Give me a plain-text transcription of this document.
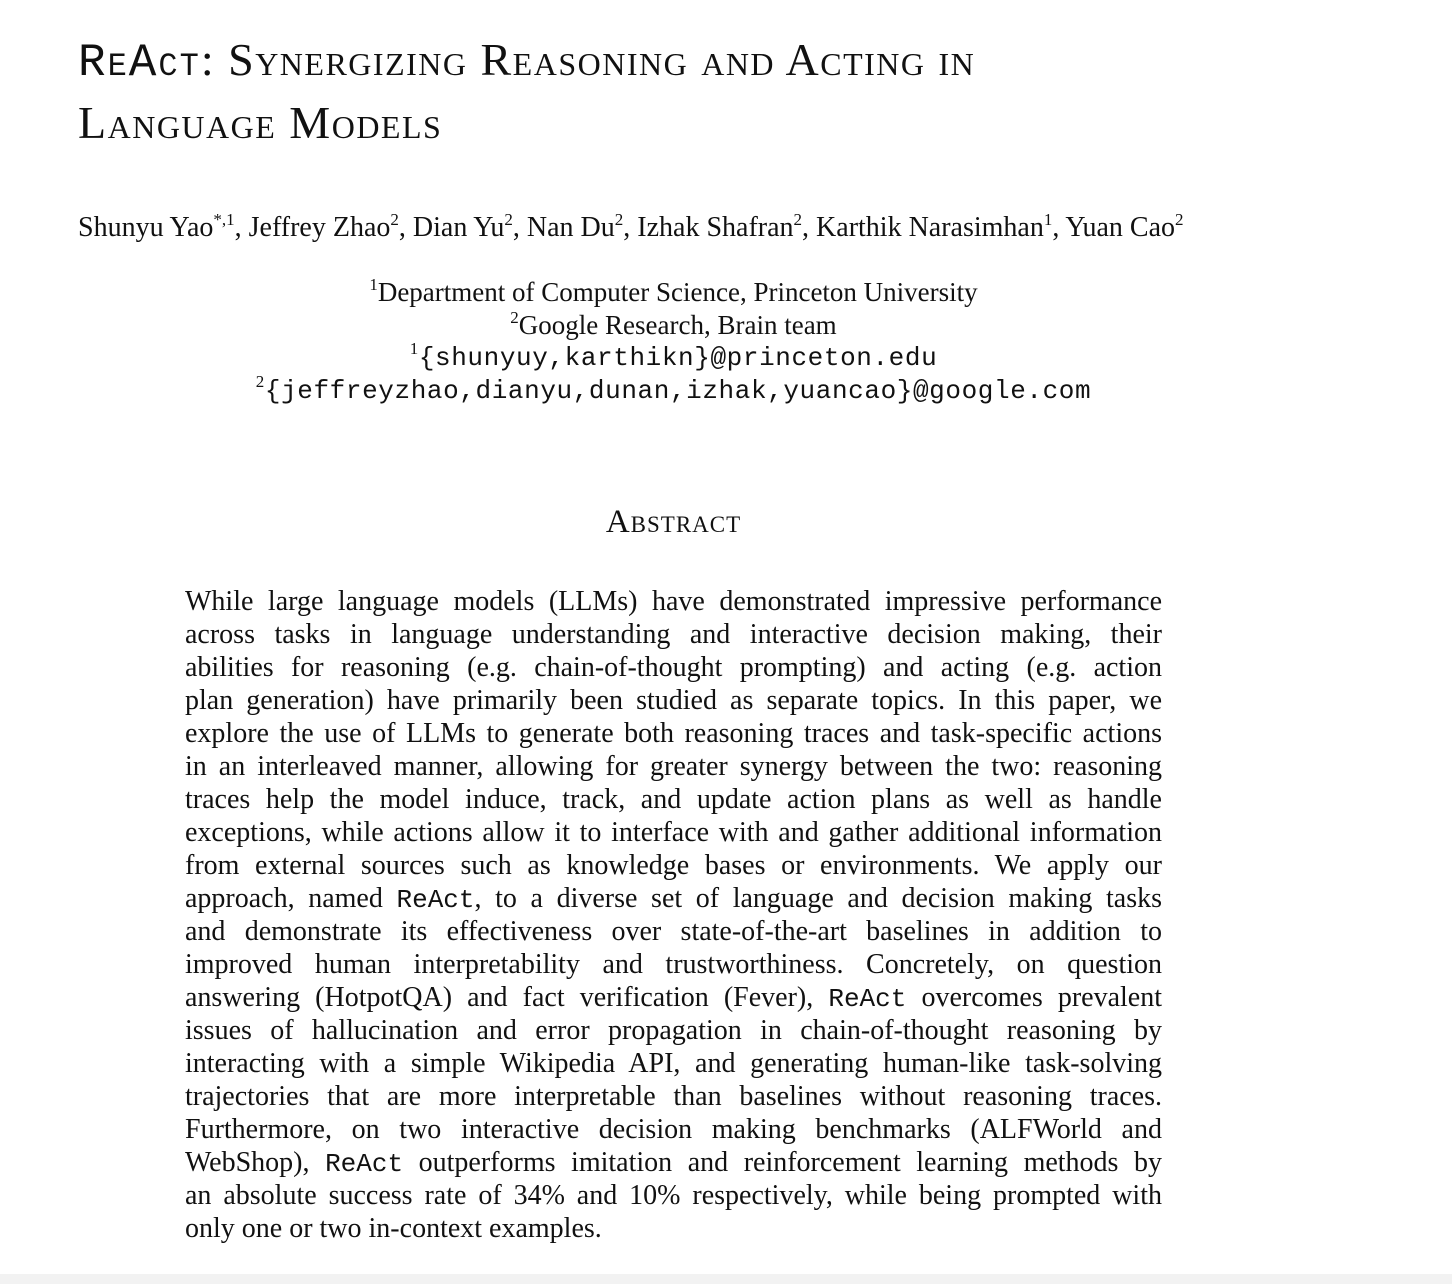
ReAct: Synergizing Reasoning and Acting in
Language Models
Shunyu Yao$^{*,1}$, Jeffrey Zhao$^2$, Dian Yu$^2$, Nan Du$^2$, Izhak Shafran$^2$, Karthik Narasimhan$^1$, Yuan Cao$^2$
$^1$Department of Computer Science, Princeton University
$^2$Google Research, Brain team
$^1${shunyuy,karthikn}@princeton.edu
$^2${jeffreyzhao,dianyu,dunan,izhak,yuancao}@google.com
Abstract
While large language models (LLMs) have demonstrated impressive performance
across tasks in language understanding and interactive decision making, their
abilities for reasoning (e.g. chain-of-thought prompting) and acting (e.g. action
plan generation) have primarily been studied as separate topics. In this paper, we
explore the use of LLMs to generate both reasoning traces and task-specific actions
in an interleaved manner, allowing for greater synergy between the two: reasoning
traces help the model induce, track, and update action plans as well as handle
exceptions, while actions allow it to interface with and gather additional information
from external sources such as knowledge bases or environments. We apply our
approach, named ReAct, to a diverse set of language and decision making tasks
and demonstrate its effectiveness over state-of-the-art baselines in addition to
improved human interpretability and trustworthiness. Concretely, on question
answering (HotpotQA) and fact verification (Fever), ReAct overcomes prevalent
issues of hallucination and error propagation in chain-of-thought reasoning by
interacting with a simple Wikipedia API, and generating human-like task-solving
trajectories that are more interpretable than baselines without reasoning traces.
Furthermore, on two interactive decision making benchmarks (ALFWorld and
WebShop), ReAct outperforms imitation and reinforcement learning methods by
an absolute success rate of 34% and 10% respectively, while being prompted with
only one or two in-context examples.
